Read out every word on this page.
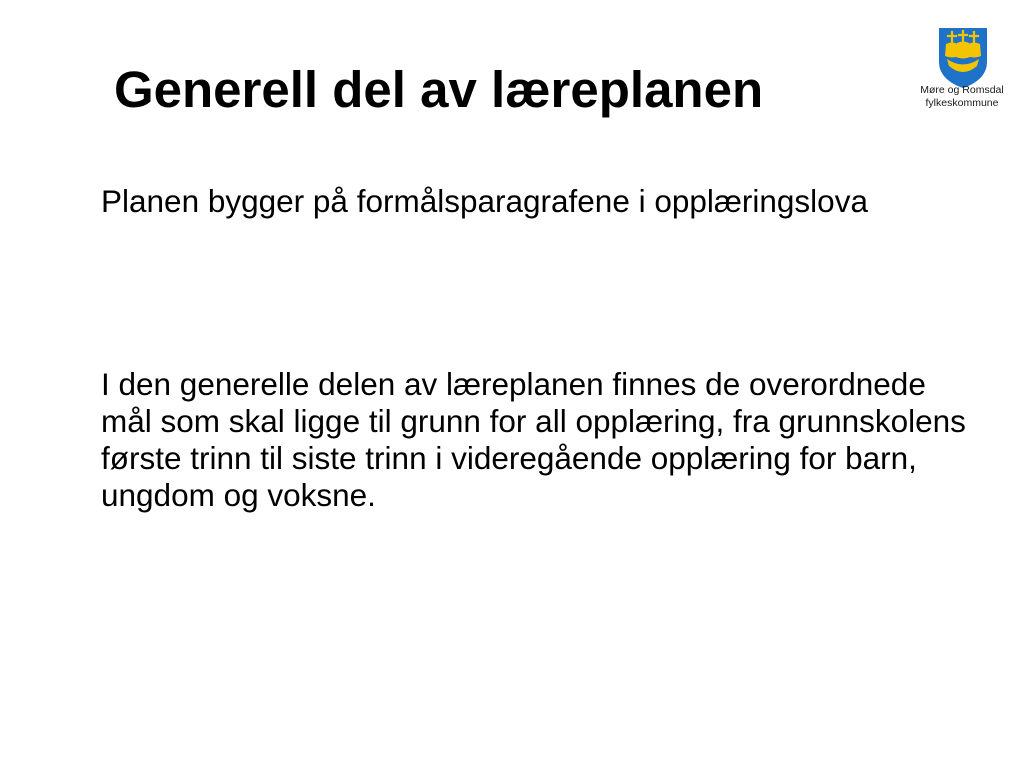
Generell del av læreplanen

Planen bygger på formålsparagrafene i opplæringslova

I den generelle delen av læreplanen finnes de overordnede mål som skal ligge til grunn for all opplæring, fra grunnskolens første trinn til siste trinn i videregående opplæring for barn, ungdom og voksne.

Møre og Romsdal
fylkeskommune
